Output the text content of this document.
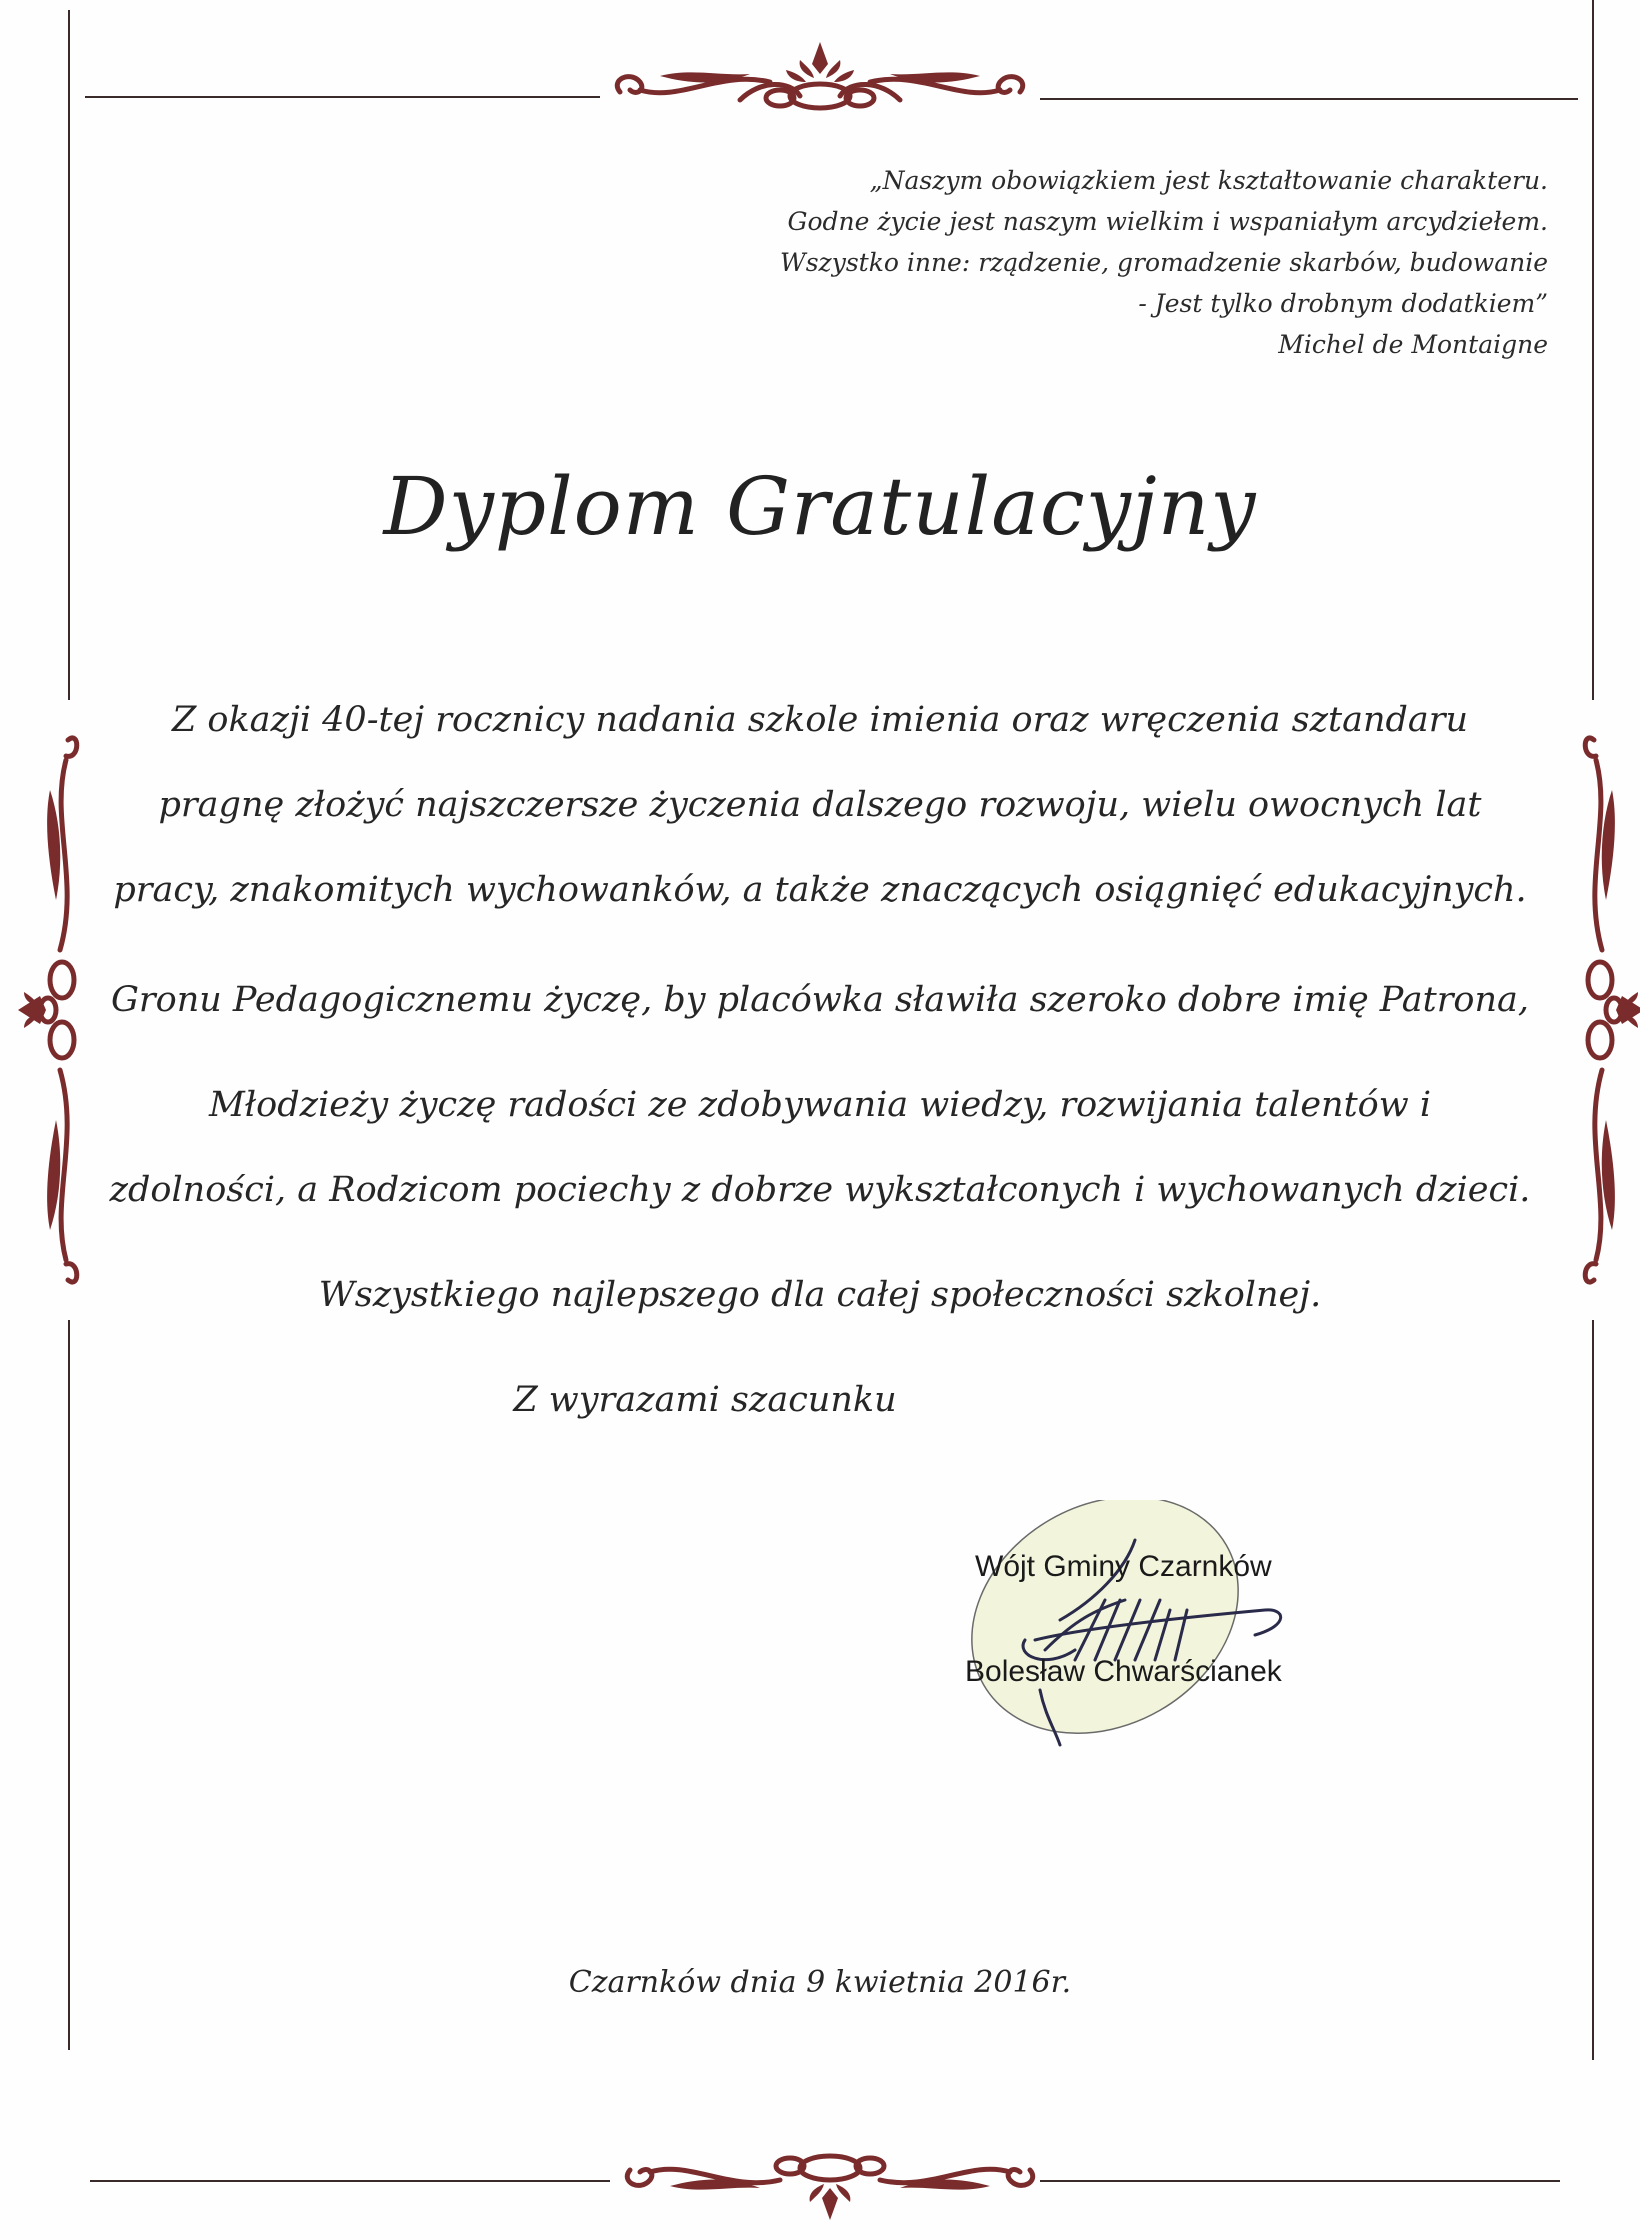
„Naszym obowiązkiem jest kształtowanie charakteru.
Godne życie jest naszym wielkim i wspaniałym arcydziełem.
Wszystko inne: rządzenie, gromadzenie skarbów, budowanie
- Jest tylko drobnym dodatkiem”
Michel de Montaigne
Dyplom Gratulacyjny
Z okazji 40-tej rocznicy nadania szkole imienia oraz wręczenia sztandaru
pragnę złożyć najszczersze życzenia dalszego rozwoju, wielu owocnych lat
pracy, znakomitych wychowanków, a także znaczących osiągnięć edukacyjnych.
Gronu Pedagogicznemu życzę, by placówka sławiła szeroko dobre imię Patrona,
Młodzieży życzę radości ze zdobywania wiedzy, rozwijania talentów i
zdolności, a Rodzicom pociechy z dobrze wykształconych i wychowanych dzieci.
Wszystkiego najlepszego dla całej społeczności szkolnej.
Z wyrazami szacunku
Wójt Gminy Czarnków
Bolesław Chwarścianek
Czarnków dnia 9 kwietnia 2016r.
